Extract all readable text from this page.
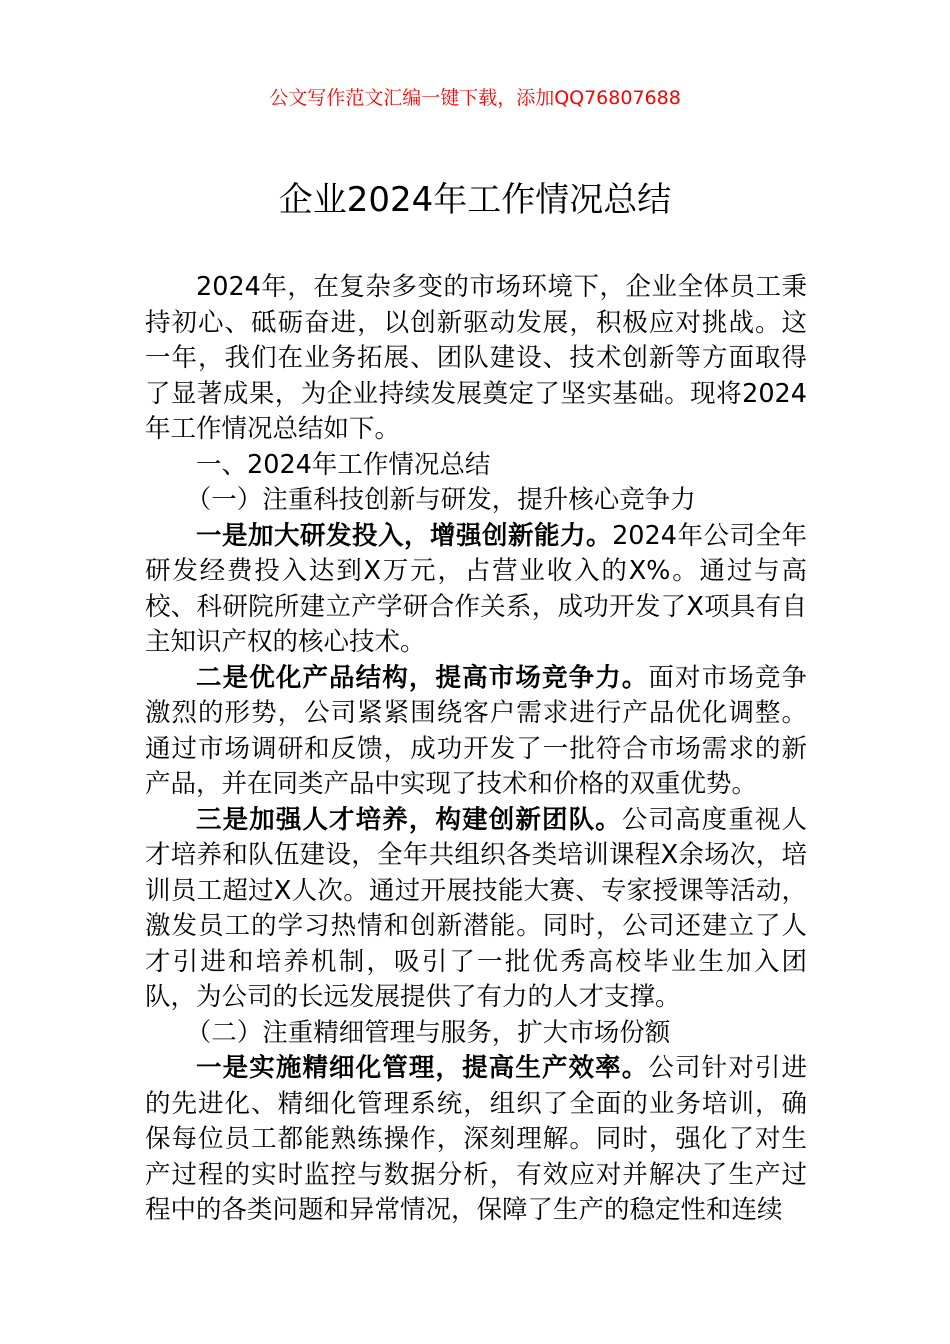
公文写作范文汇编一键下载，添加QQ76807688
企业2024年工作情况总结

2024年，在复杂多变的市场环境下，企业全体员工秉持初心、砥砺奋进，以创新驱动发展，积极应对挑战。这一年，我们在业务拓展、团队建设、技术创新等方面取得了显著成果，为企业持续发展奠定了坚实基础。现将2024年工作情况总结如下。

一、2024年工作情况总结

（一）注重科技创新与研发，提升核心竞争力

一是加大研发投入，增强创新能力。2024年公司全年研发经费投入达到X万元，占营业收入的X%。通过与高校、科研院所建立产学研合作关系，成功开发了X项具有自主知识产权的核心技术。

二是优化产品结构，提高市场竞争力。面对市场竞争激烈的形势，公司紧紧围绕客户需求进行产品优化调整。通过市场调研和反馈，成功开发了一批符合市场需求的新产品，并在同类产品中实现了技术和价格的双重优势。

三是加强人才培养，构建创新团队。公司高度重视人才培养和队伍建设，全年共组织各类培训课程X余场次，培训员工超过X人次。通过开展技能大赛、专家授课等活动，激发员工的学习热情和创新潜能。同时，公司还建立了人才引进和培养机制，吸引了一批优秀高校毕业生加入团队，为公司的长远发展提供了有力的人才支撑。

（二）注重精细管理与服务，扩大市场份额

一是实施精细化管理，提高生产效率。公司针对引进的先进化、精细化管理系统，组织了全面的业务培训，确保每位员工都能熟练操作，深刻理解。同时，强化了对生产过程的实时监控与数据分析，有效应对并解决了生产过程中的各类问题和异常情况，保障了生产的稳定性和连续
